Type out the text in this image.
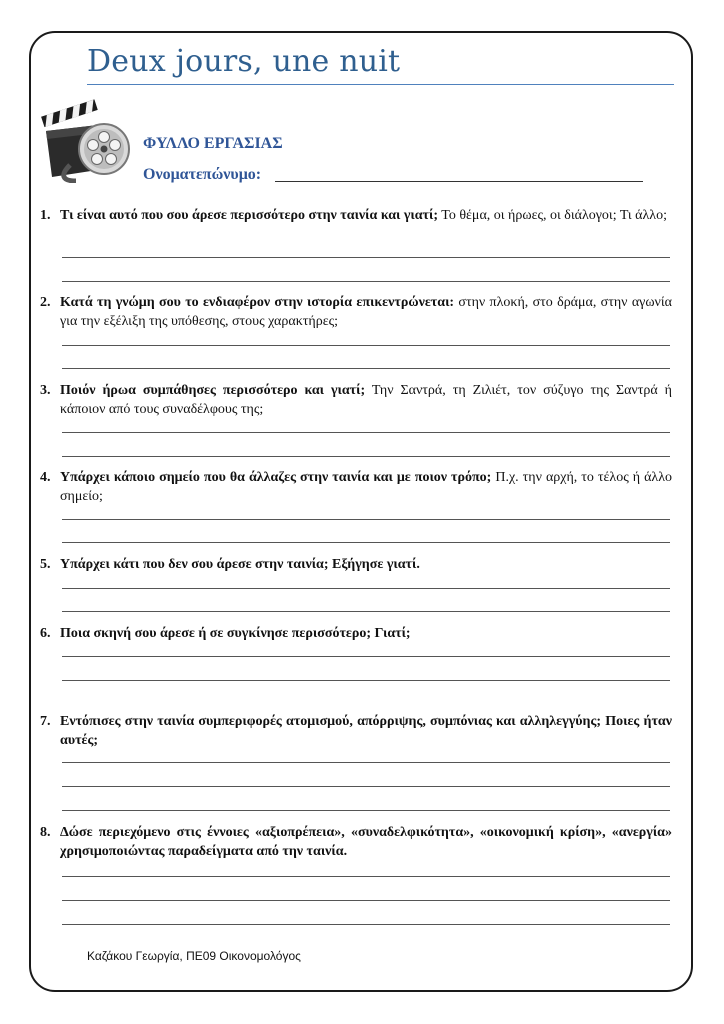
Deux jours, une nuit
ΦΥΛΛΟ ΕΡΓΑΣΙΑΣ
Ονοματεπώνυμο:
1. Τι είναι αυτό που σου άρεσε περισσότερο στην ταινία και γιατί; Το θέμα, οι ήρωες, οι διάλογοι; Τι άλλο;
2. Κατά τη γνώμη σου το ενδιαφέρον στην ιστορία επικεντρώνεται: στην πλοκή, στο δράμα, στην αγωνία για την εξέλιξη της υπόθεσης, στους χαρακτήρες;
3. Ποιόν ήρωα συμπάθησες περισσότερο και γιατί; Την Σαντρά, τη Ζιλιέτ, τον σύζυγο της Σαντρά ή κάποιον από τους συναδέλφους της;
4. Υπάρχει κάποιο σημείο που θα άλλαζες στην ταινία και με ποιον τρόπο; Π.χ. την αρχή, το τέλος ή άλλο σημείο;
5. Υπάρχει κάτι που δεν σου άρεσε στην ταινία; Εξήγησε γιατί.
6. Ποια σκηνή σου άρεσε ή σε συγκίνησε περισσότερο; Γιατί;
7. Εντόπισες στην ταινία συμπεριφορές ατομισμού, απόρριψης, συμπόνιας και αλληλεγγύης; Ποιες ήταν αυτές;
8. Δώσε περιεχόμενο στις έννοιες «αξιοπρέπεια», «συναδελφικότητα», «οικονομική κρίση», «ανεργία» χρησιμοποιώντας παραδείγματα από την ταινία.
Καζάκου Γεωργία, ΠΕ09 Οικονομολόγος
